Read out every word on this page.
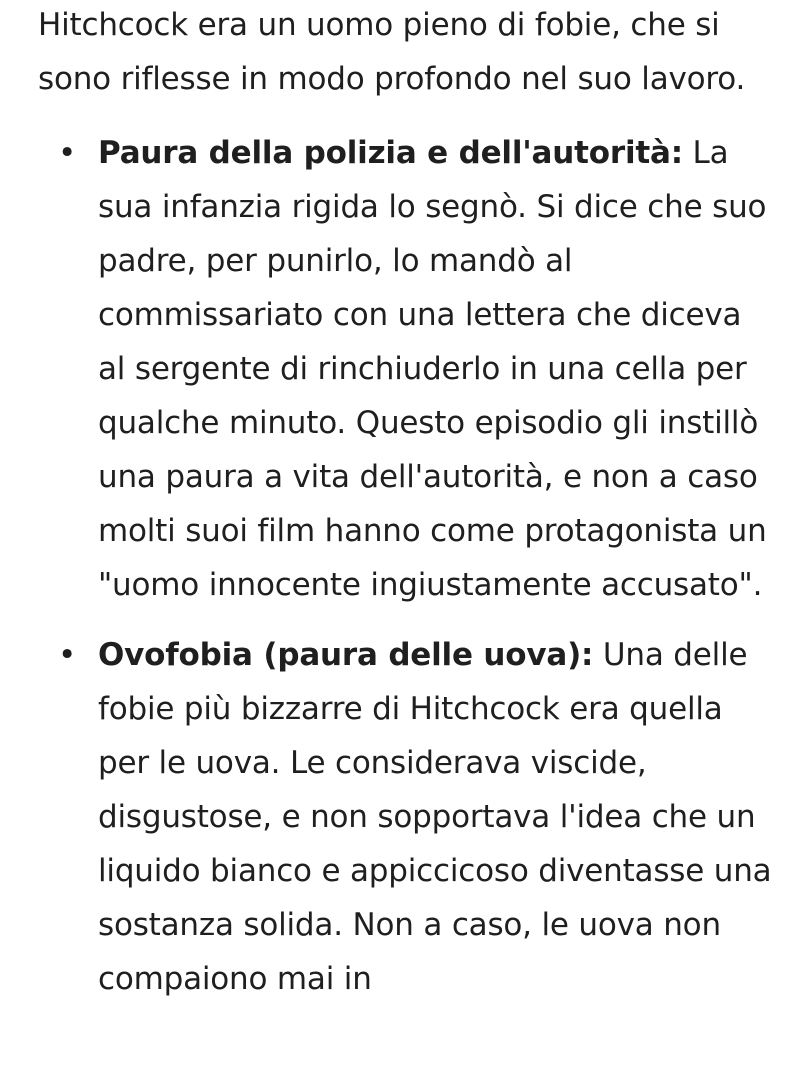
Hitchcock era un uomo pieno di fobie, che si sono riflesse in modo profondo nel suo lavoro.

• Paura della polizia e dell'autorità: La sua infanzia rigida lo segnò. Si dice che suo padre, per punirlo, lo mandò al commissariato con una lettera che diceva al sergente di rinchiuderlo in una cella per qualche minuto. Questo episodio gli instillò una paura a vita dell'autorità, e non a caso molti suoi film hanno come protagonista un "uomo innocente ingiustamente accusato".
• Ovofobia (paura delle uova): Una delle fobie più bizzarre di Hitchcock era quella per le uova. Le considerava viscide, disgustose, e non sopportava l'idea che un liquido bianco e appiccicoso diventasse una sostanza solida. Non a caso, le uova non compaiono mai in
